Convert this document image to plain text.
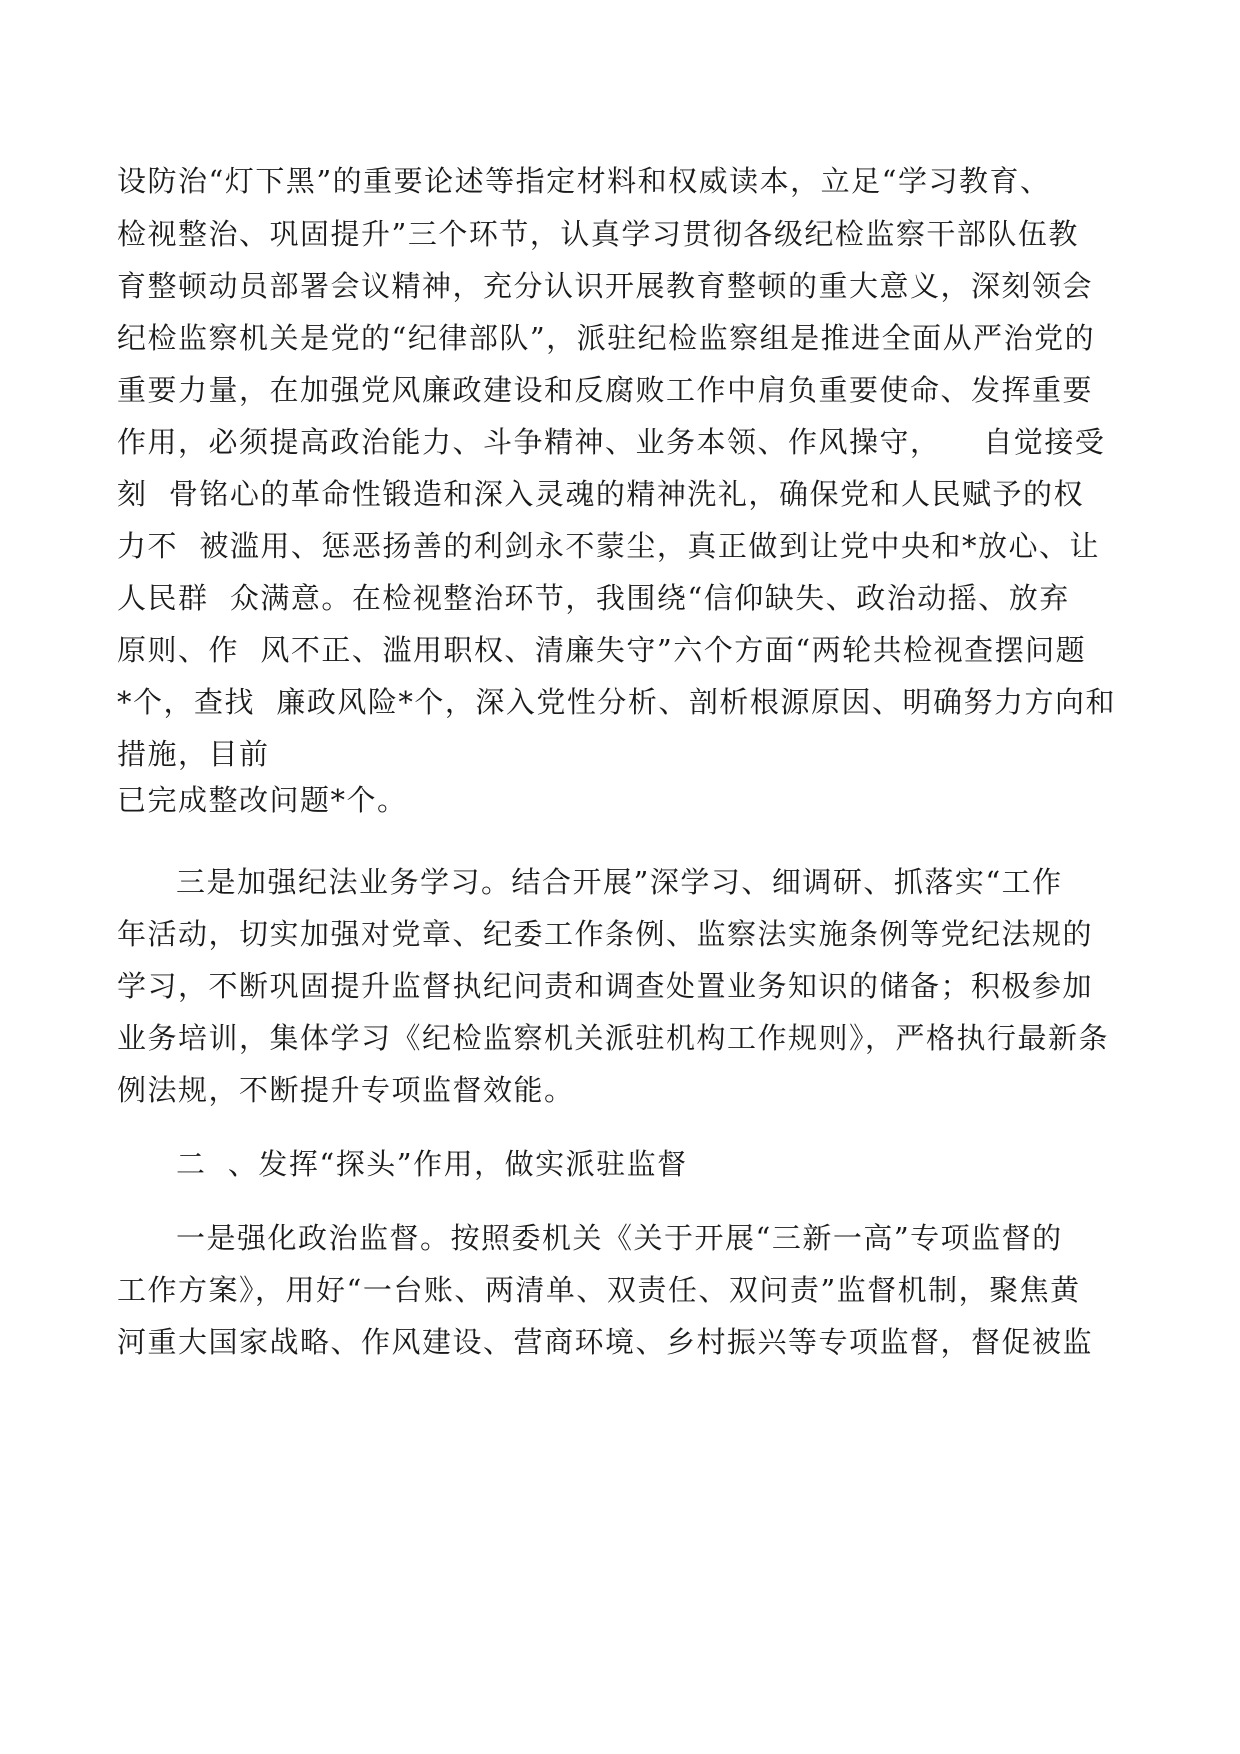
设防治“灯下黑”的重要论述等指定材料和权威读本，立足“学习教育、
检视整治、巩固提升”三个环节，认真学习贯彻各级纪检监察干部队伍教
育整顿动员部署会议精神，充分认识开展教育整顿的重大意义，深刻领会
纪检监察机关是党的“纪律部队”，派驻纪检监察组是推进全面从严治党的
重要力量，在加强党风廉政建设和反腐败工作中肩负重要使命、发挥重要
作用，必须提高政治能力、斗争精神、业务本领、作风操守，    自觉接受
刻  骨铭心的革命性锻造和深入灵魂的精神洗礼，确保党和人民赋予的权
力不  被滥用、惩恶扬善的利剑永不蒙尘，真正做到让党中央和*放心、让
人民群  众满意。在检视整治环节，我围绕“信仰缺失、政治动摇、放弃
原则、作  风不正、滥用职权、清廉失守”六个方面“两轮共检视查摆问题
*个，查找  廉政风险*个，深入党性分析、剖析根源原因、明确努力方向和
措施，目前
已完成整改问题*个。
三是加强纪法业务学习。结合开展”深学习、细调研、抓落实“工作
年活动，切实加强对党章、纪委工作条例、监察法实施条例等党纪法规的
学习，不断巩固提升监督执纪问责和调查处置业务知识的储备；积极参加
业务培训，集体学习《纪检监察机关派驻机构工作规则》，严格执行最新条
例法规，不断提升专项监督效能。
二  、发挥“探头”作用，做实派驻监督
一是强化政治监督。按照委机关《关于开展“三新一高”专项监督的
工作方案》，用好“一台账、两清单、双责任、双问责”监督机制，聚焦黄
河重大国家战略、作风建设、营商环境、乡村振兴等专项监督，督促被监
